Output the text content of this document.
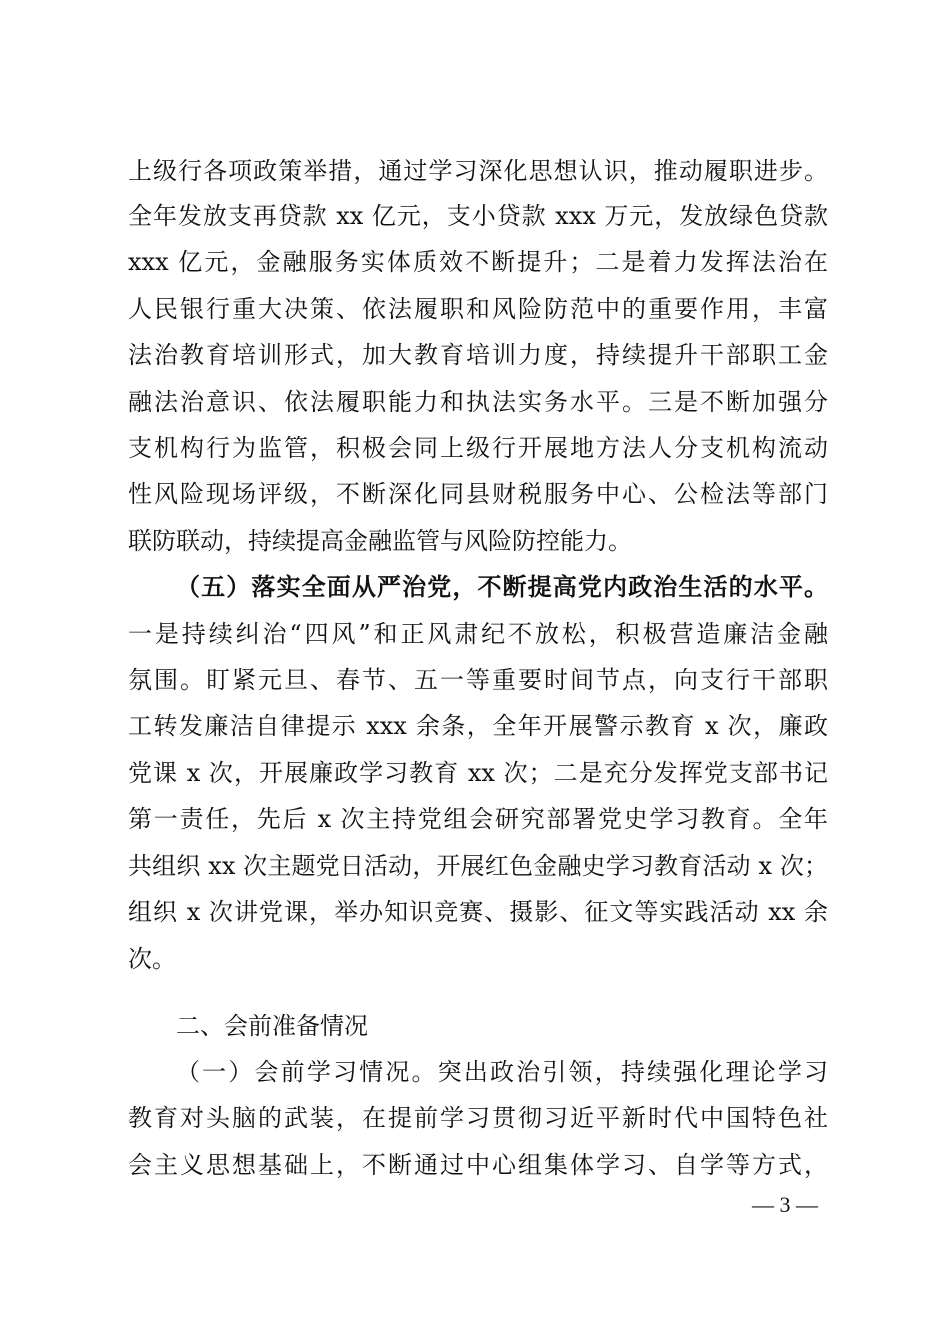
上级行各项政策举措，通过学习深化思想认识，推动履职进步。
全年发放支再贷款 xx 亿元，支小贷款 xxx 万元，发放绿色贷款
xxx 亿元，金融服务实体质效不断提升；二是着力发挥法治在
人民银行重大决策、依法履职和风险防范中的重要作用，丰富
法治教育培训形式，加大教育培训力度，持续提升干部职工金
融法治意识、依法履职能力和执法实务水平。三是不断加强分
支机构行为监管，积极会同上级行开展地方法人分支机构流动
性风险现场评级，不断深化同县财税服务中心、公检法等部门
联防联动，持续提高金融监管与风险防控能力。
（五）落实全面从严治党，不断提高党内政治生活的水平。
一是持续纠治“四风”和正风肃纪不放松，积极营造廉洁金融
氛围。盯紧元旦、春节、五一等重要时间节点，向支行干部职
工转发廉洁自律提示 xxx 余条，全年开展警示教育 x 次，廉政
党课 x 次，开展廉政学习教育 xx 次；二是充分发挥党支部书记
第一责任，先后 x 次主持党组会研究部署党史学习教育。全年
共组织 xx 次主题党日活动，开展红色金融史学习教育活动 x 次；
组织 x 次讲党课，举办知识竞赛、摄影、征文等实践活动 xx 余
次。
二、会前准备情况
（一）会前学习情况。突出政治引领，持续强化理论学习
教育对头脑的武装，在提前学习贯彻习近平新时代中国特色社
会主义思想基础上，不断通过中心组集体学习、自学等方式，
— 3 —
